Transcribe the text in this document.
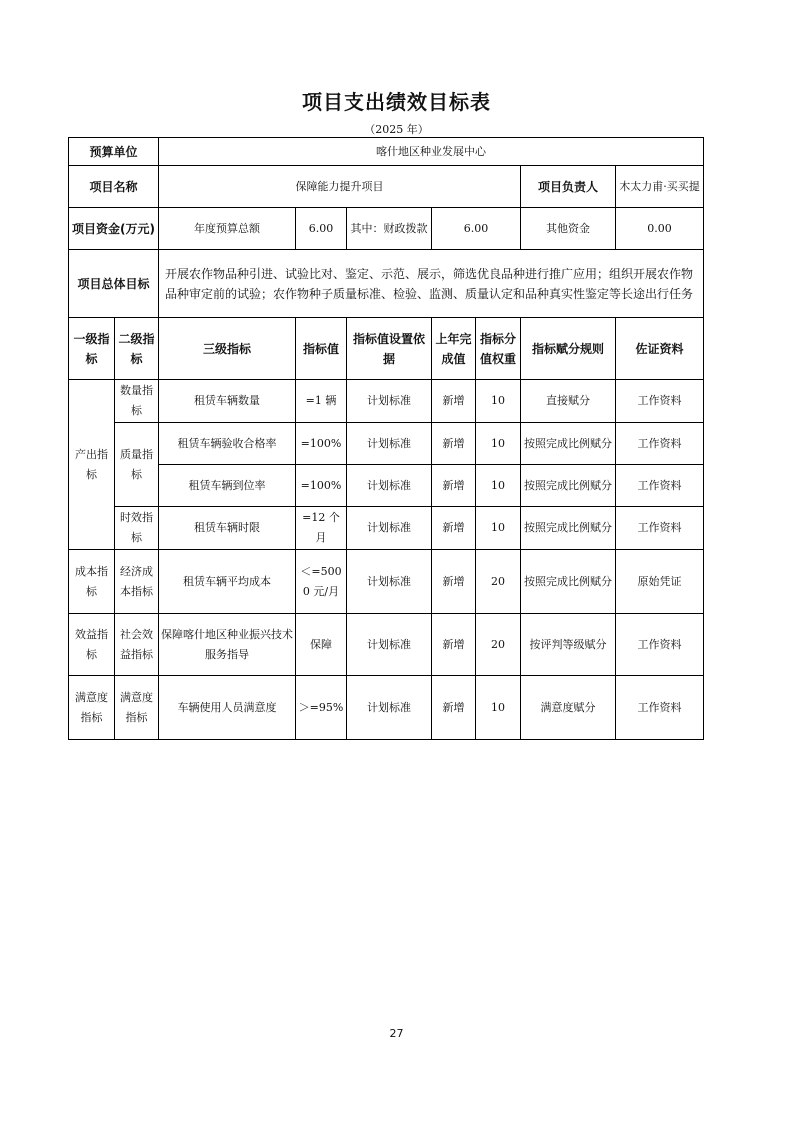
项目支出绩效目标表
（2025 年）
预算单位		喀什地区种业发展中心						
项目名称		保障能力提升项目					项目负责人	木太力甫·买买提
项目资金(万元)		年度预算总额	6.00	其中：财政拨款	6.00		其他资金	0.00
项目总体目标		开展农作物品种引进、试验比对、鉴定、示范、展示，筛选优良品种进行推广应用；组织开展农作物品种审定前的试验；农作物种子质量标准、检验、监测、质量认定和品种真实性鉴定等长途出行任务						
一级指标	二级指标	三级指标	指标值	指标值设置依据	上年完成值	指标分值权重	指标赋分规则	佐证资料
产出指标	数量指标	租赁车辆数量	=1 辆	计划标准	新增	10	直接赋分	工作资料
	质量指标	租赁车辆验收合格率	=100%	计划标准	新增	10	按照完成比例赋分	工作资料
		租赁车辆到位率	=100%	计划标准	新增	10	按照完成比例赋分	工作资料
	时效指标	租赁车辆时限	=12 个月	计划标准	新增	10	按照完成比例赋分	工作资料
成本指标	经济成本指标	租赁车辆平均成本	＜=5000 元/月	计划标准	新增	20	按照完成比例赋分	原始凭证
效益指标	社会效益指标	保障喀什地区种业振兴技术服务指导	保障	计划标准	新增	20	按评判等级赋分	工作资料
满意度指标	满意度指标	车辆使用人员满意度	＞=95%	计划标准	新增	10	满意度赋分	工作资料
27
